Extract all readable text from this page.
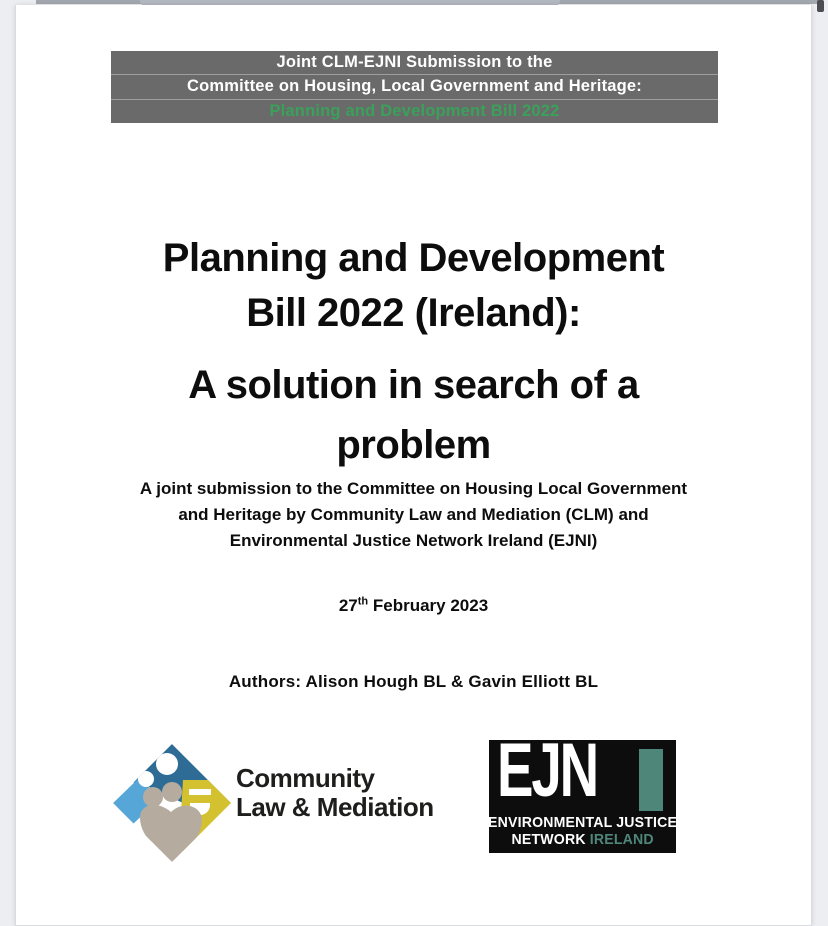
Joint CLM-EJNI Submission to the
Committee on Housing, Local Government and Heritage:
Planning and Development Bill 2022
Planning and Development
Bill 2022 (Ireland):
A solution in search of a
problem
A joint submission to the Committee on Housing Local Government
and Heritage by Community Law and Mediation (CLM) and
Environmental Justice Network Ireland (EJNI)
27th February 2023
Authors: Alison Hough BL & Gavin Elliott BL
Community
Law & Mediation EJN
ENVIRONMENTAL JUSTICE
NETWORK IRELAND
